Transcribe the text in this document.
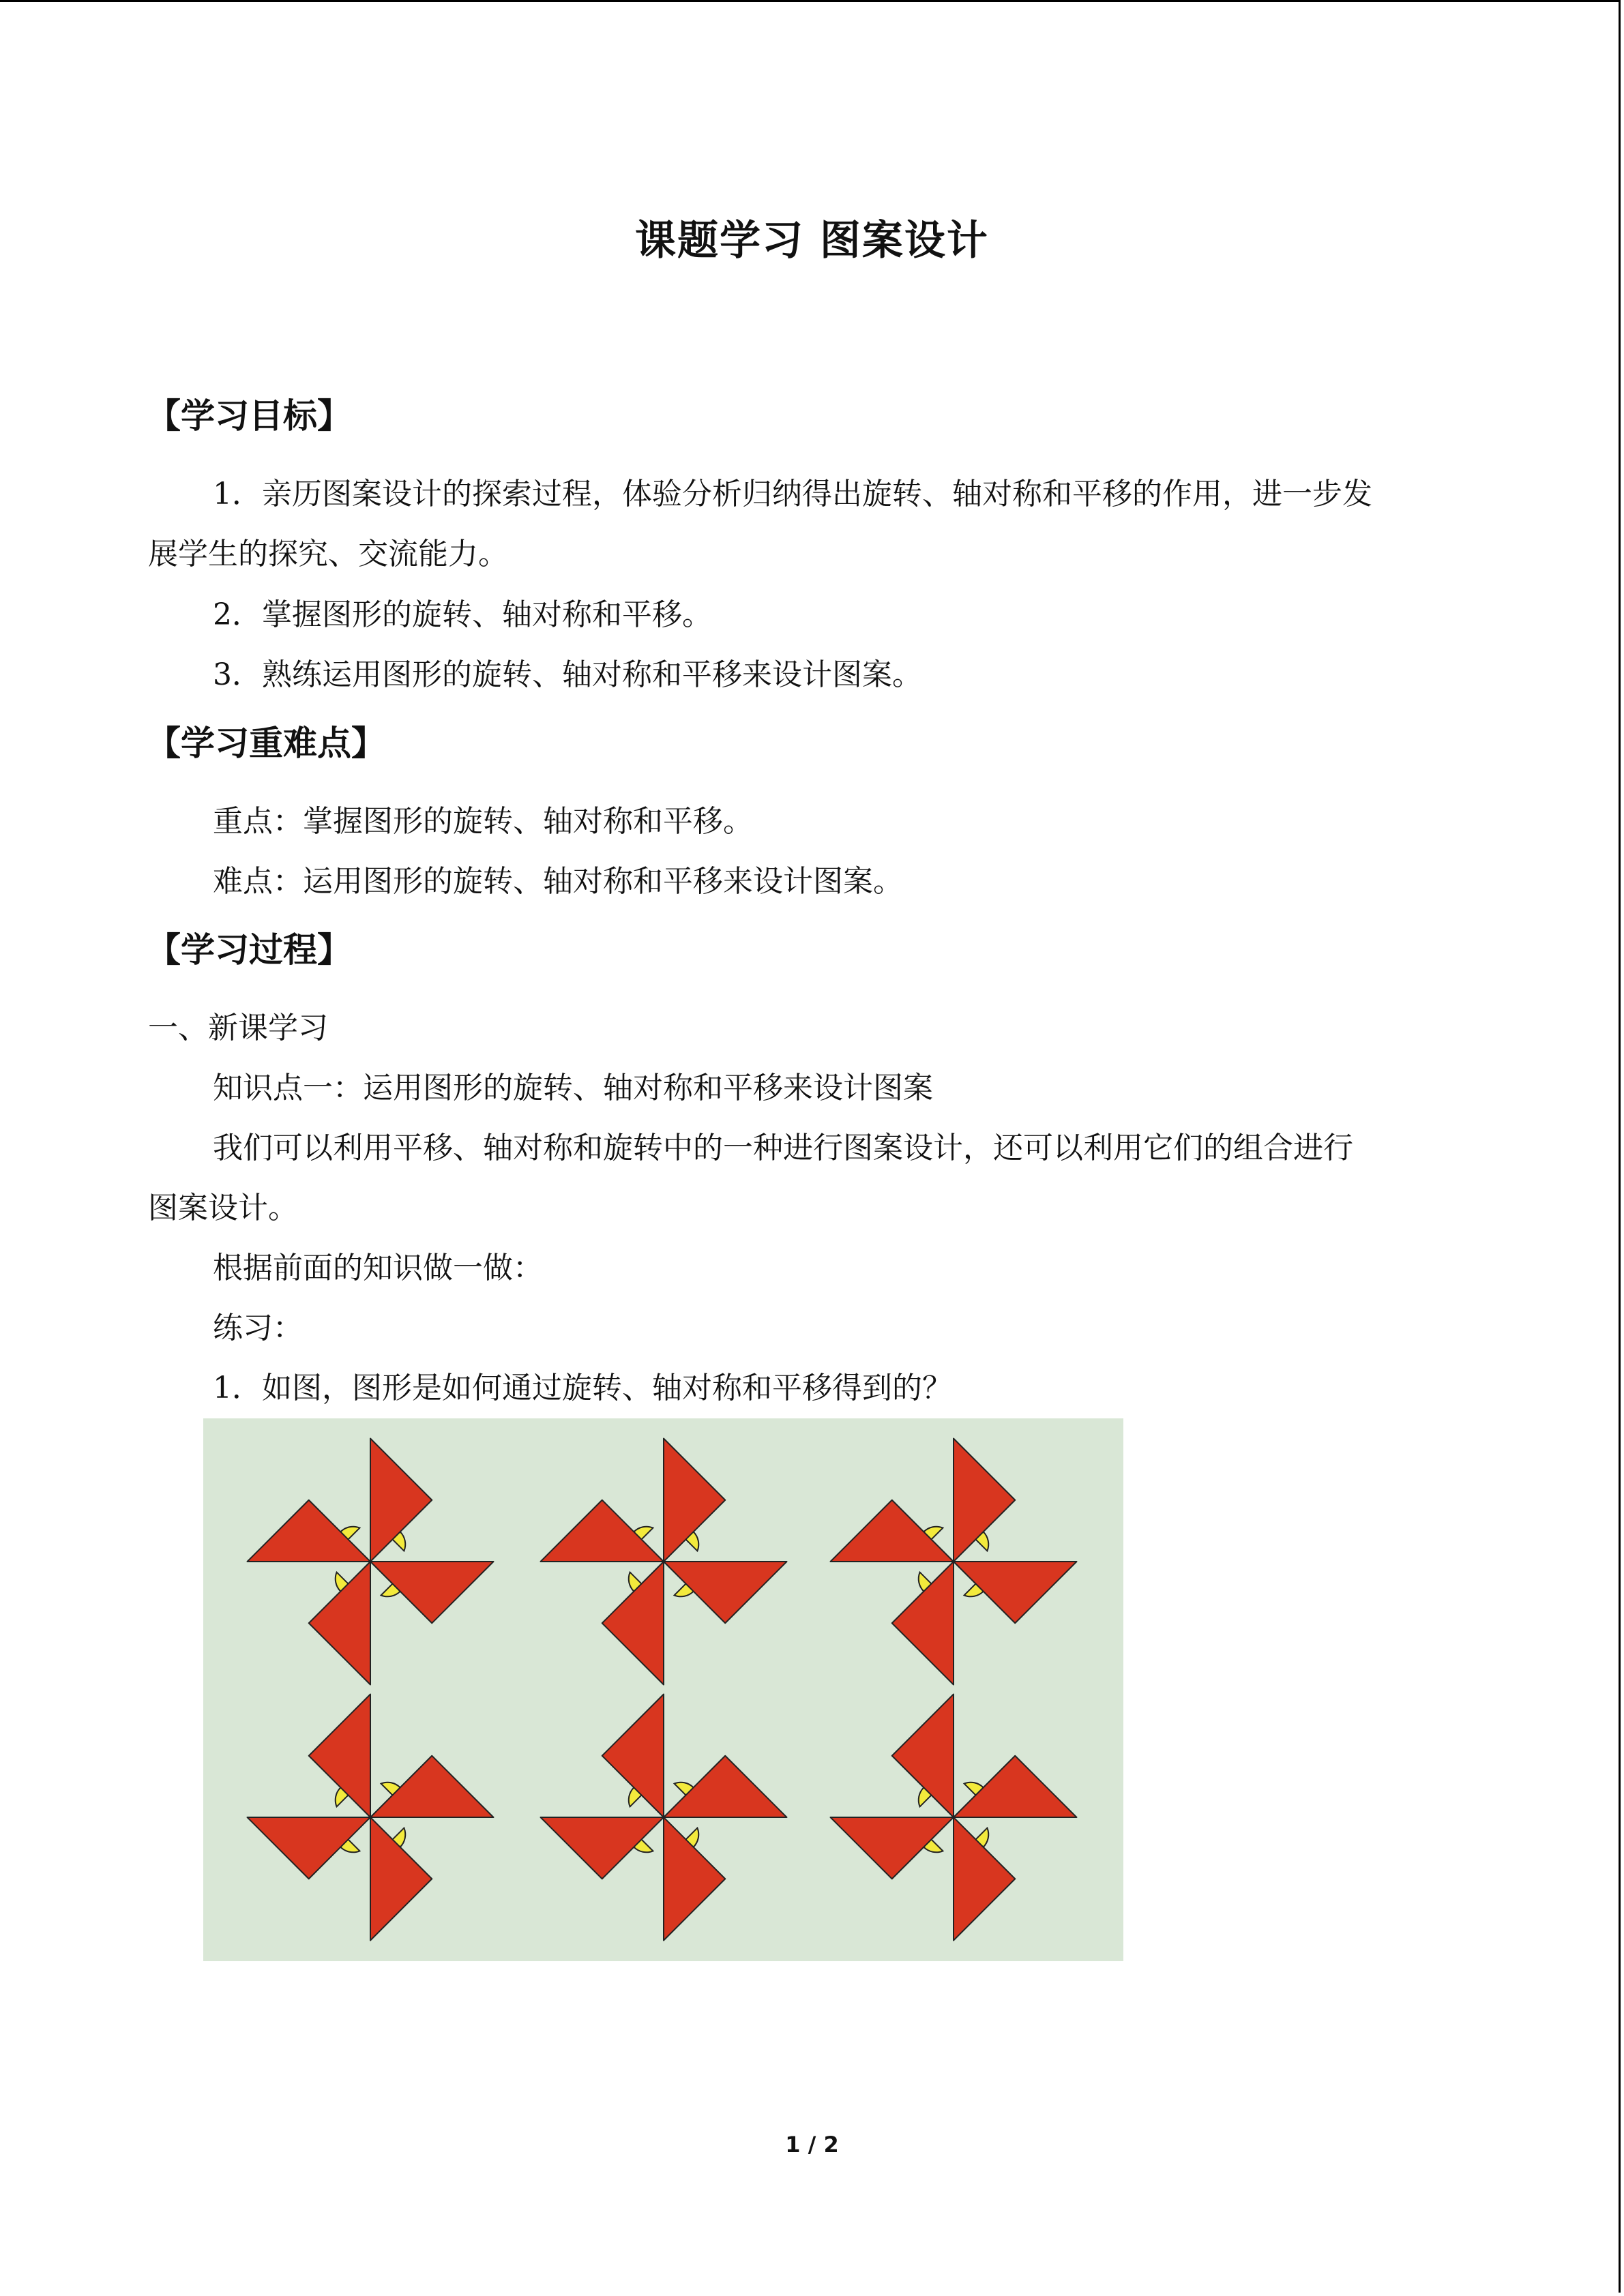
课题学习 图案设计
【学习目标】
1．亲历图案设计的探索过程，体验分析归纳得出旋转、轴对称和平移的作用，进一步发
展学生的探究、交流能力。
2．掌握图形的旋转、轴对称和平移。
3．熟练运用图形的旋转、轴对称和平移来设计图案。
【学习重难点】
重点：掌握图形的旋转、轴对称和平移。
难点：运用图形的旋转、轴对称和平移来设计图案。
【学习过程】
一、新课学习
知识点一：运用图形的旋转、轴对称和平移来设计图案
我们可以利用平移、轴对称和旋转中的一种进行图案设计，还可以利用它们的组合进行
图案设计。
根据前面的知识做一做：
练习：
1．如图，图形是如何通过旋转、轴对称和平移得到的？
1 / 2
